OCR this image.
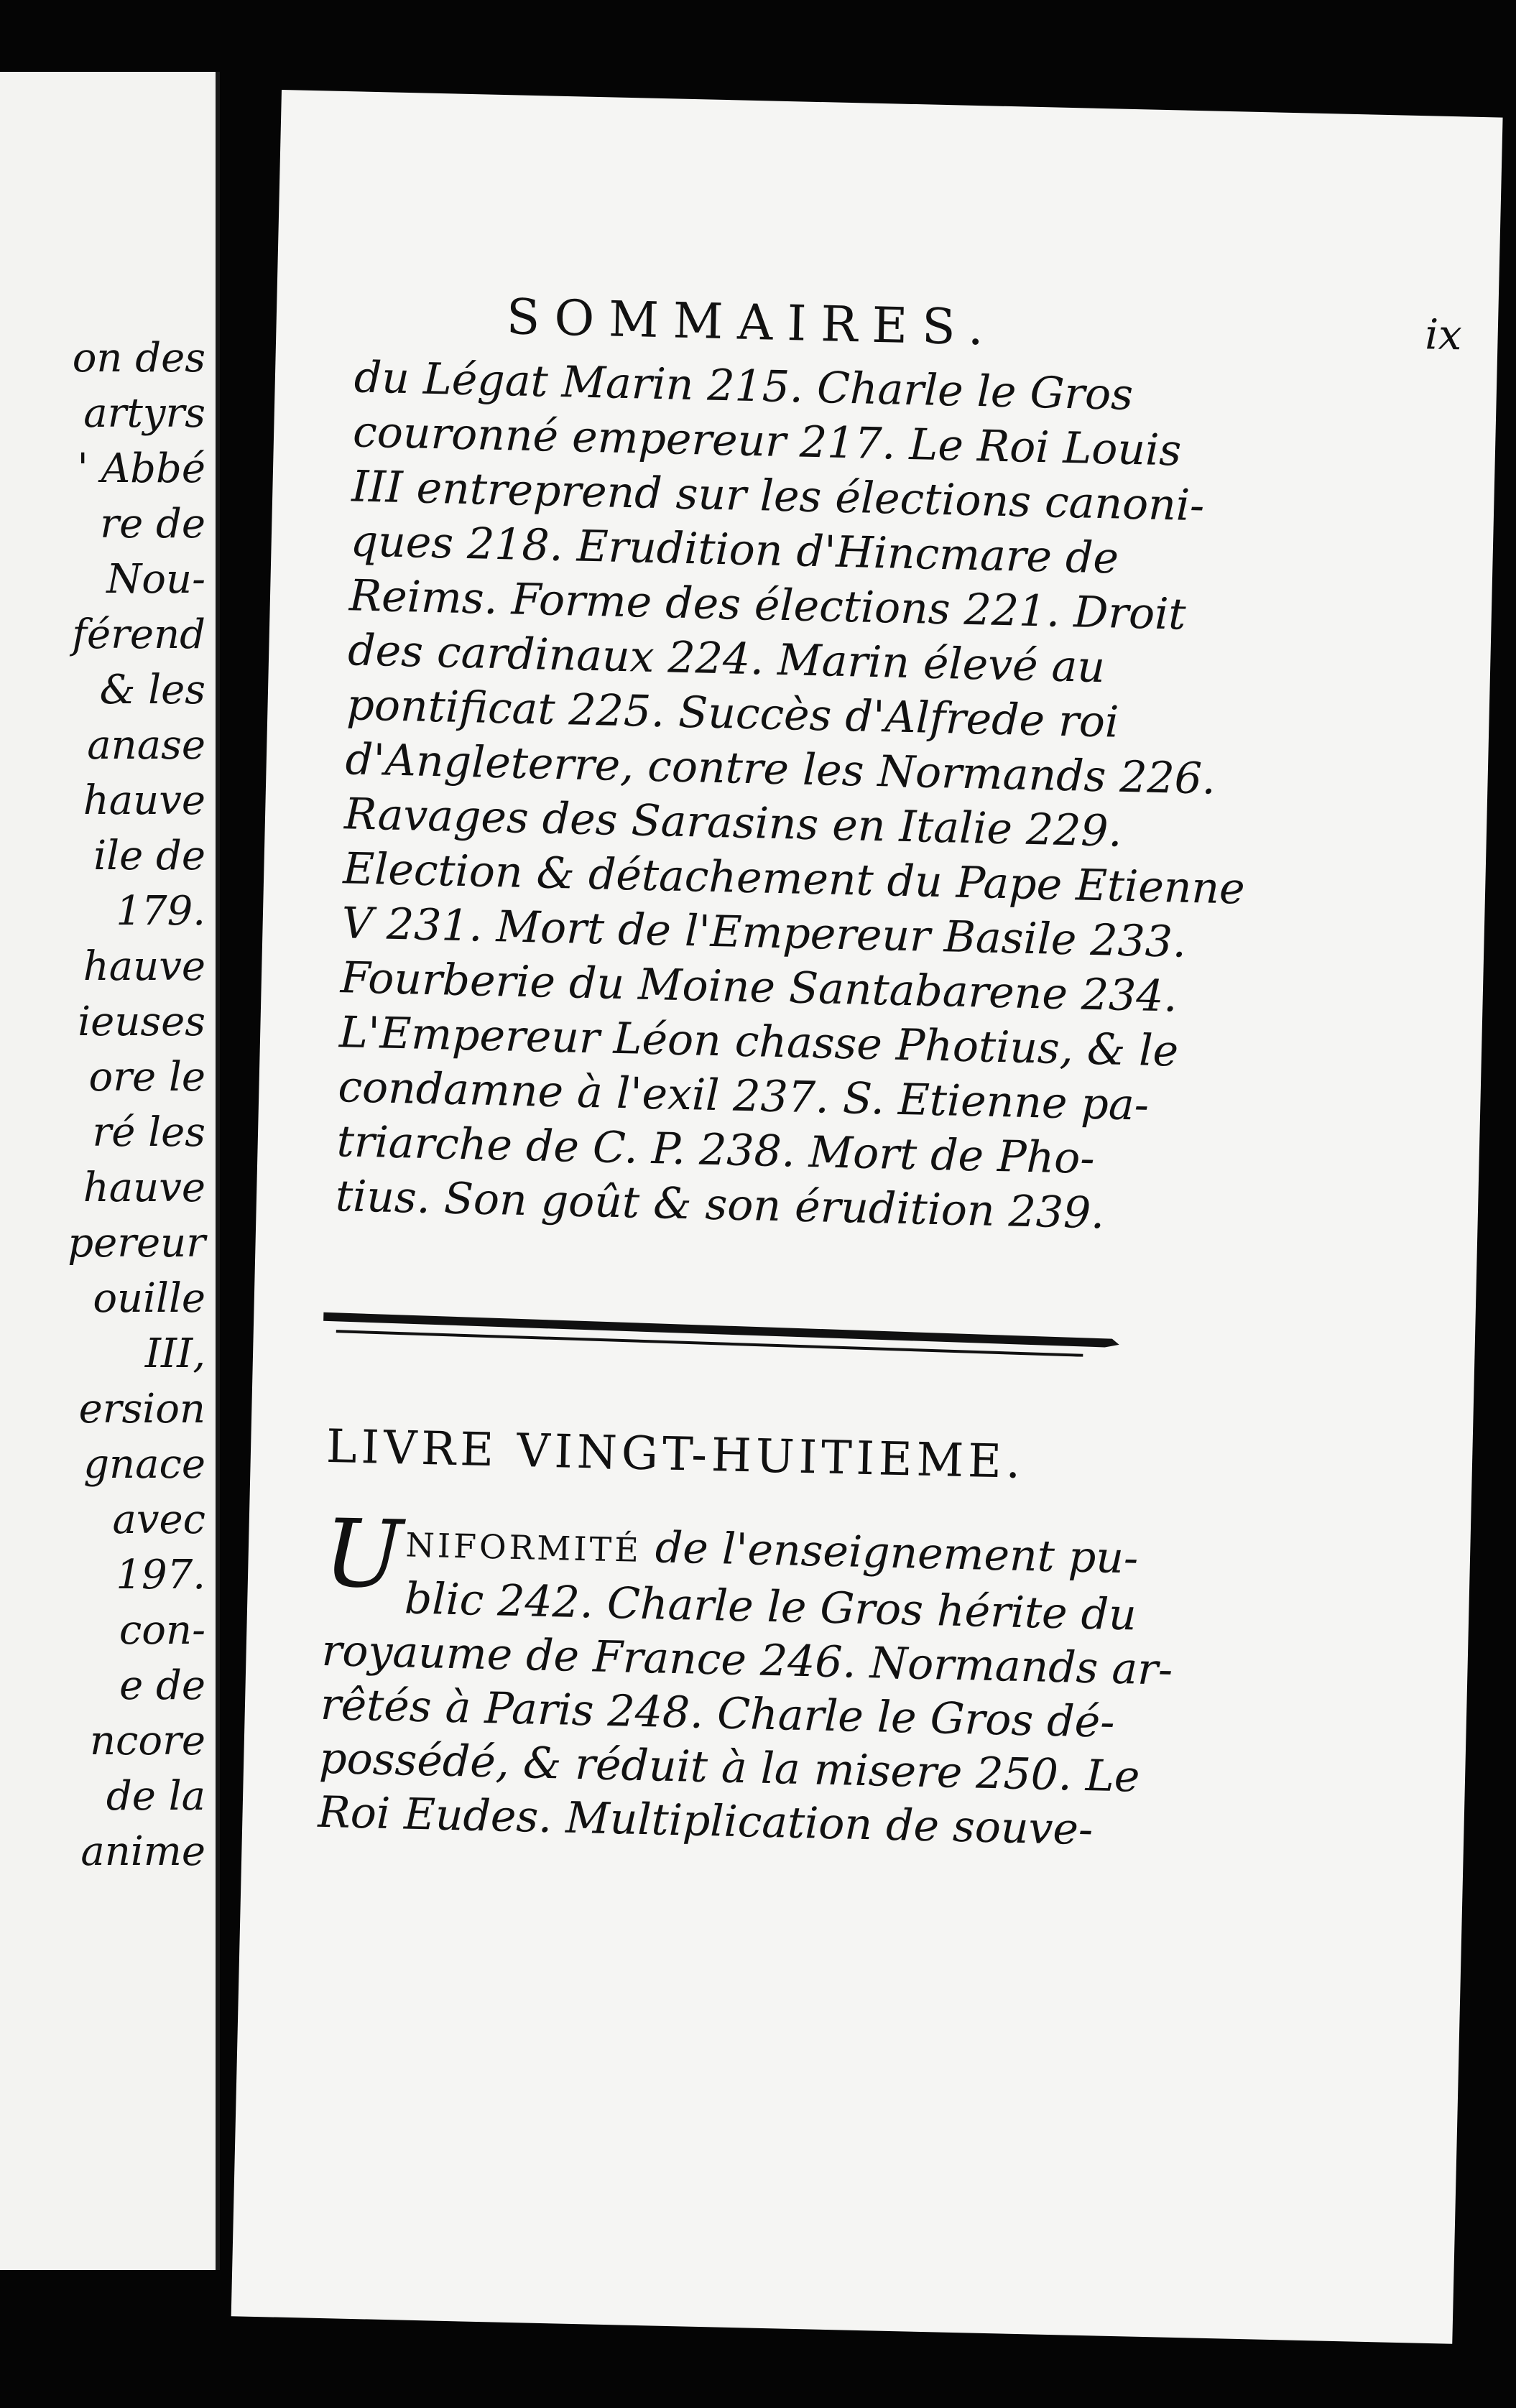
on des
artyrs
' Abbé
re de
Nou-
férend
& les
anase
hauve
ile de
179.
hauve
ieuses
ore le
ré les
hauve
pereur
ouille
III,
ersion
gnace
avec
197.
con-
e de
ncore
de la
anime
SOMMAIRES.	ix
du Légat Marin 215. Charle le Gros
couronné empereur 217. Le Roi Louis
III entreprend sur les élections canoni-
ques 218. Erudition d'Hincmare de
Reims. Forme des élections 221. Droit
des cardinaux 224. Marin élevé au
pontificat 225. Succès d'Alfrede roi
d'Angleterre, contre les Normands 226.
Ravages des Sarasins en Italie 229.
Election & détachement du Pape Etienne
V 231. Mort de l'Empereur Basile 233.
Fourberie du Moine Santabarene 234.
L'Empereur Léon chasse Photius, & le
condamne à l'exil 237. S. Etienne pa-
triarche de C. P. 238. Mort de Pho-
tius. Son goût & son érudition 239.
LIVRE VINGT-HUITIEME.
UNIFORMITÉ de l'enseignement pu-
blic 242. Charle le Gros hérite du
royaume de France 246. Normands ar-
rêtés à Paris 248. Charle le Gros dé-
possédé, & réduit à la misere 250. Le
Roi Eudes. Multiplication de souve-
